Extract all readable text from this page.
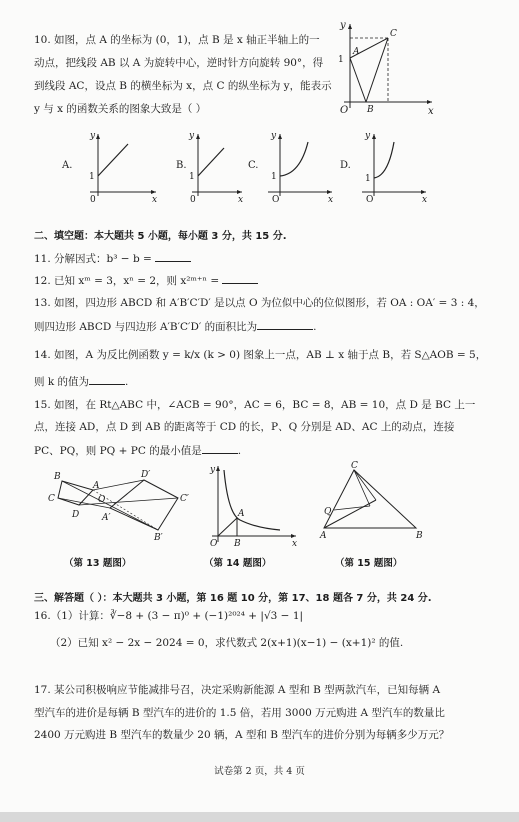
10. 如图，点 A 的坐标为 (0，1)，点 B 是 x 轴正半轴上的一
动点，把线段 AB 以 A 为旋转中心，逆时针方向旋转 90°，得
到线段 AC，设点 B 的横坐标为 x，点 C 的纵坐标为 y，能表示
y 与 x 的函数关系的图象大致是（ ）
y
x
O
1
A
B
C
A.
y
x
0
1
B.
y
x
0
1
C.
y
x
O
1
D.
y
x
O
1
二、填空题：本大题共 5 小题，每小题 3 分，共 15 分.
11. 分解因式：b³ − b =
12. 已知 xᵐ = 3，xⁿ = 2，则 x²ᵐ⁺ⁿ =
13. 如图，四边形 ABCD 和 A′B′C′D′ 是以点 O 为位似中心的位似图形，若 OA : OA′ = 3 : 4，
则四边形 ABCD 与四边形 A′B′C′D′ 的面积比为	.
14. 如图，A 为反比例函数 y = k/x (k > 0) 图象上一点，AB ⊥ x 轴于点 B，若 S△AOB = 5，
则 k 的值为	.
15. 如图，在 Rt△ABC 中，∠ACB = 90°，AC = 6，BC = 8，AB = 10，点 D 是 BC 上一
点，连接 AD，点 D 到 AB 的距离等于 CD 的长，P、Q 分别是 AD、AC 上的动点，连接
PC、PQ，则 PQ + PC 的最小值是	.
B
A
C
D
O
D′
A′
B′
C′
（第 13 题图）
y
A
O B	x
（第 14 题图）
C
Q
A	B
（第 15 题图）
三、解答题（ ）：本大题共 3 小题，第 16 题 10 分，第 17、18 题各 7 分，共 24 分.
16.（1）计算：∛−8 + (3 − π)⁰ + (−1)²⁰²⁴ + |√3 − 1|
（2）已知 x² − 2x − 2024 = 0，求代数式 2(x+1)(x−1) − (x+1)² 的值.
17. 某公司积极响应节能减排号召，决定采购新能源 A 型和 B 型两款汽车，已知每辆 A
型汽车的进价是每辆 B 型汽车的进价的 1.5 倍，若用 3000 万元购进 A 型汽车的数量比
2400 万元购进 B 型汽车的数量少 20 辆，A 型和 B 型汽车的进价分别为每辆多少万元？
试卷第 2 页，共 4 页
